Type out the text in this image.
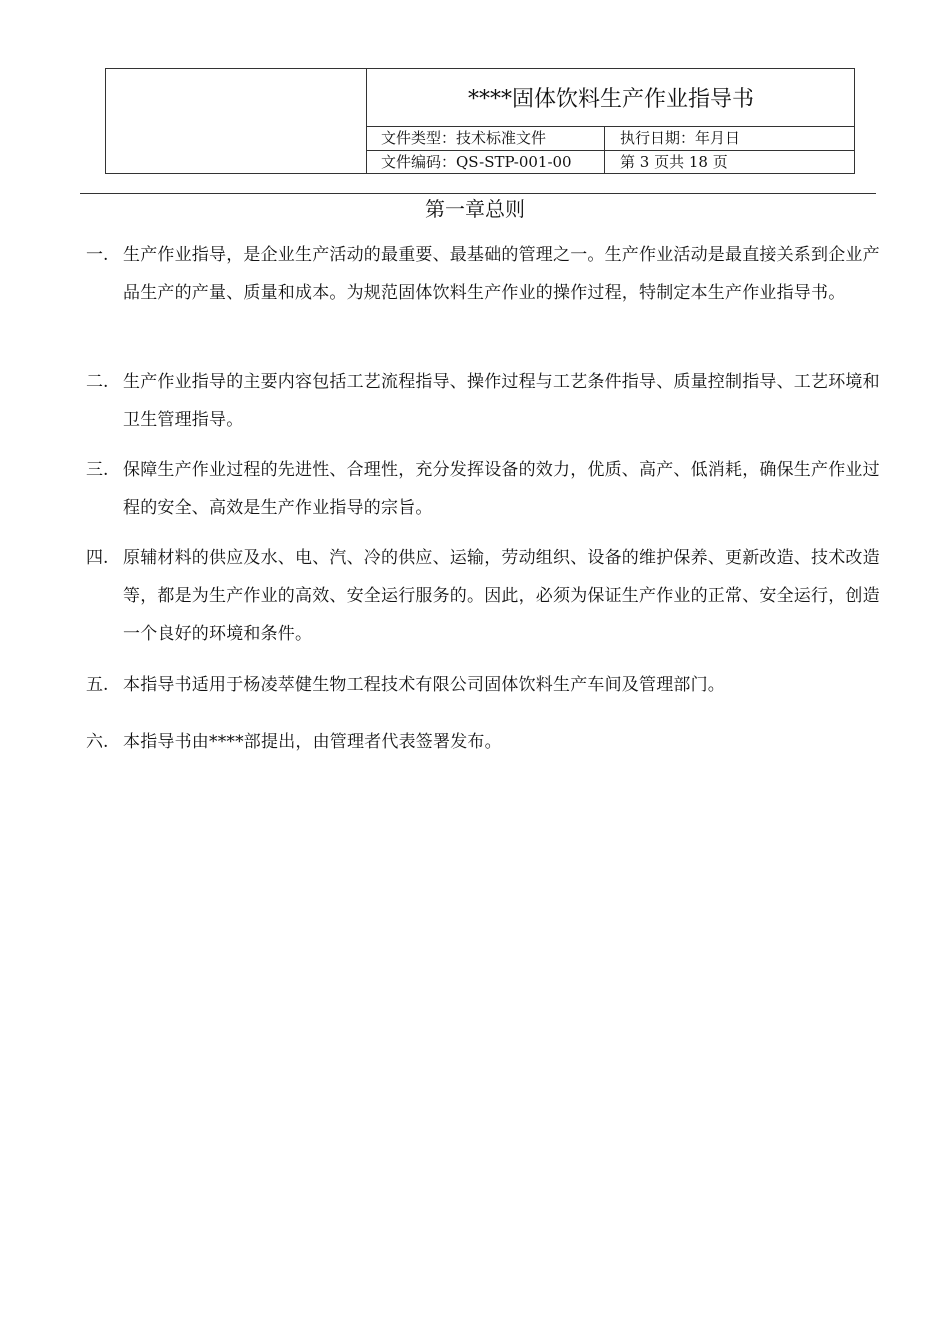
****固体饮料生产作业指导书
文件类型：技术标准文件	执行日期：年月日
文件编码：QS-STP-001-00	第 3 页共 18 页
第一章总则
一. 生产作业指导，是企业生产活动的最重要、最基础的管理之一。生产作业活动是最直接关系到企业产品生产的产量、质量和成本。为规范固体饮料生产作业的操作过程，特制定本生产作业指导书。
二. 生产作业指导的主要内容包括工艺流程指导、操作过程与工艺条件指导、质量控制指导、工艺环境和卫生管理指导。
三. 保障生产作业过程的先进性、合理性，充分发挥设备的效力，优质、高产、低消耗，确保生产作业过程的安全、高效是生产作业指导的宗旨。
四. 原辅材料的供应及水、电、汽、冷的供应、运输，劳动组织、设备的维护保养、更新改造、技术改造等，都是为生产作业的高效、安全运行服务的。因此，必须为保证生产作业的正常、安全运行，创造一个良好的环境和条件。
五. 本指导书适用于杨凌萃健生物工程技术有限公司固体饮料生产车间及管理部门。
六. 本指导书由****部提出，由管理者代表签署发布。
